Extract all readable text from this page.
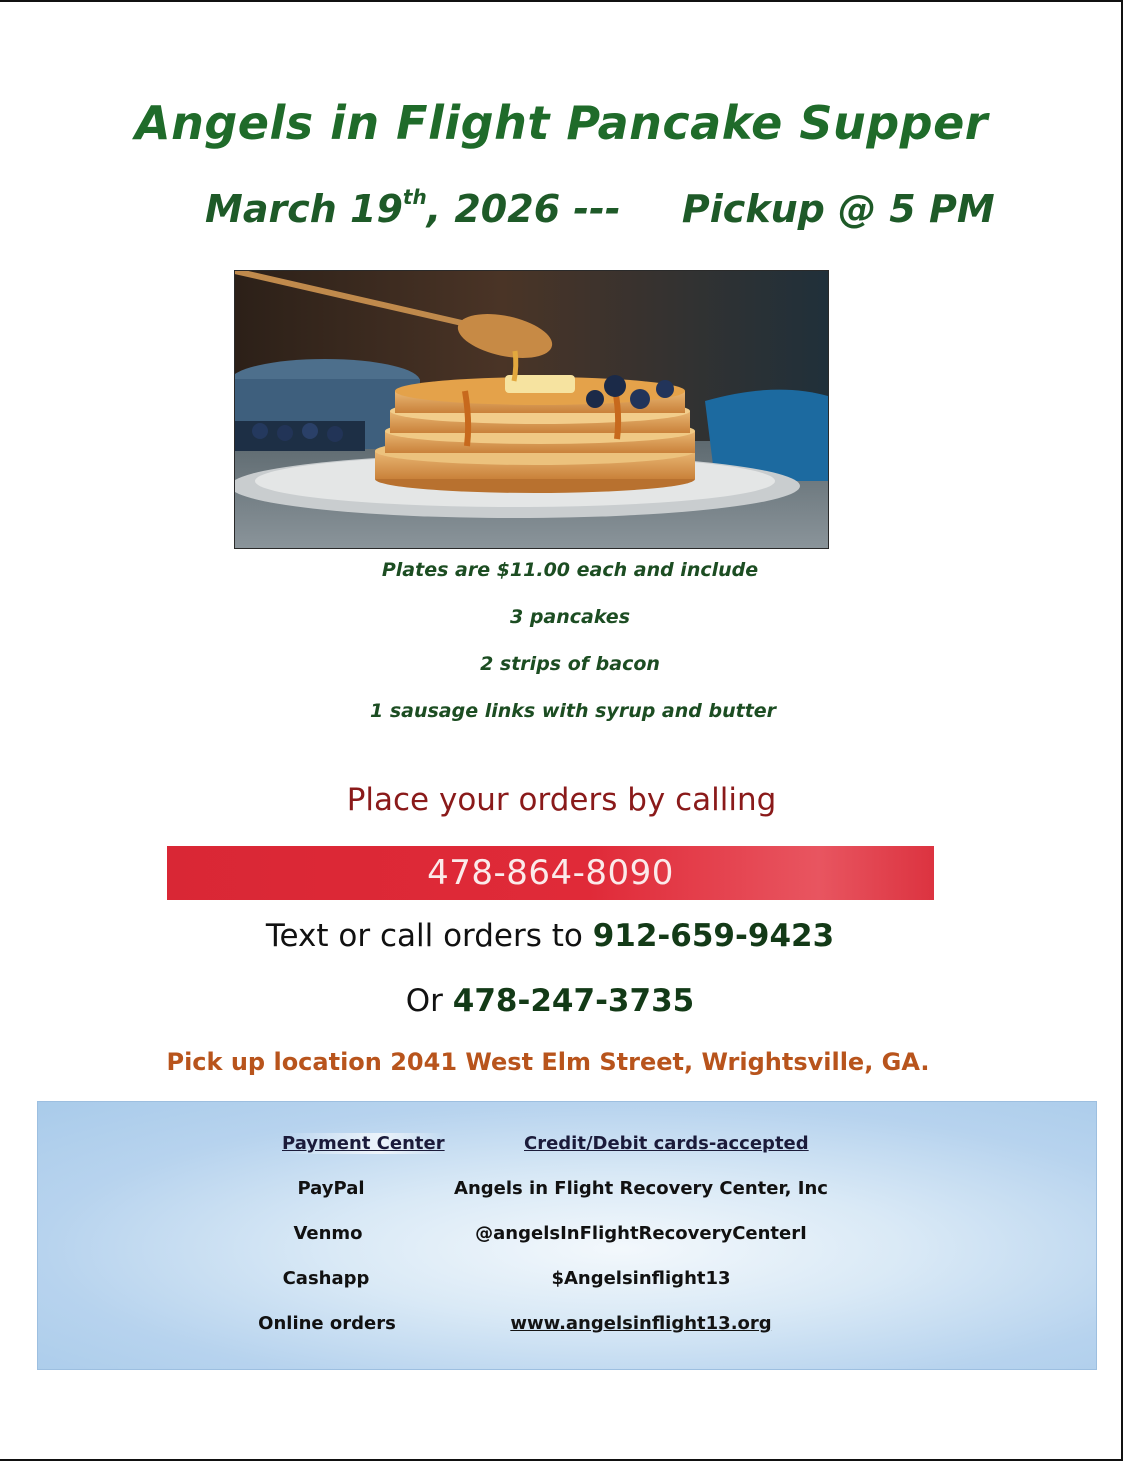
Angels in Flight Pancake Supper
March 19th, 2026 --- Pickup @ 5 PM
Plates are $11.00 each and include
3 pancakes
2 strips of bacon
1 sausage links with syrup and butter
Place your orders by calling
478-864-8090
Text or call orders to 912-659-9423
Or 478-247-3735
Pick up location 2041 West Elm Street, Wrightsville, GA.
Payment Center	Credit/Debit cards-accepted
PayPal	Angels in Flight Recovery Center, Inc
Venmo	@angelsInFlightRecoveryCenterI
Cashapp	$Angelsinflight13
Online orders	www.angelsinflight13.org
